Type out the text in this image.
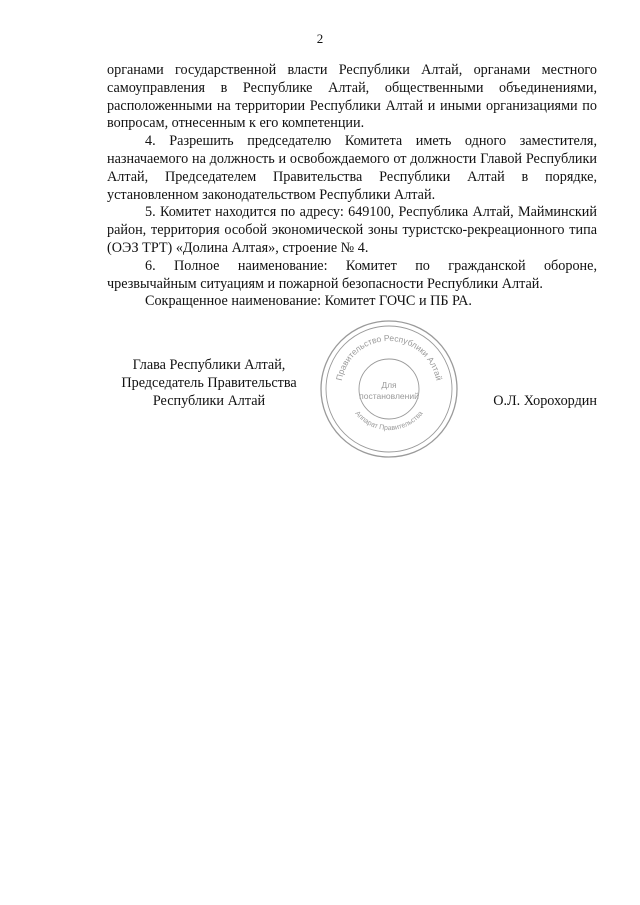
2

органами государственной власти Республики Алтай, органами местного самоуправления в Республике Алтай, общественными объединениями, расположенными на территории Республики Алтай и иными организациями по вопросам, отнесенным к его компетенции.

4. Разрешить председателю Комитета иметь одного заместителя, назначаемого на должность и освобождаемого от должности Главой Республики Алтай, Председателем Правительства Республики Алтай в порядке, установленном законодательством Республики Алтай.

5. Комитет находится по адресу: 649100, Республика Алтай, Майминский район, территория особой экономической зоны туристско-рекреационного типа (ОЭЗ ТРТ) «Долина Алтая», строение № 4.

6. Полное наименование: Комитет по гражданской обороне, чрезвычайным ситуациям и пожарной безопасности Республики Алтай.

Сокращенное наименование: Комитет ГОЧС и ПБ РА.

Глава Республики Алтай,
Председатель Правительства
Республики Алтай
Правительство Республики Алтай
Аппарат Правительства
Для
постановлений	О.Л. Хорохордин
